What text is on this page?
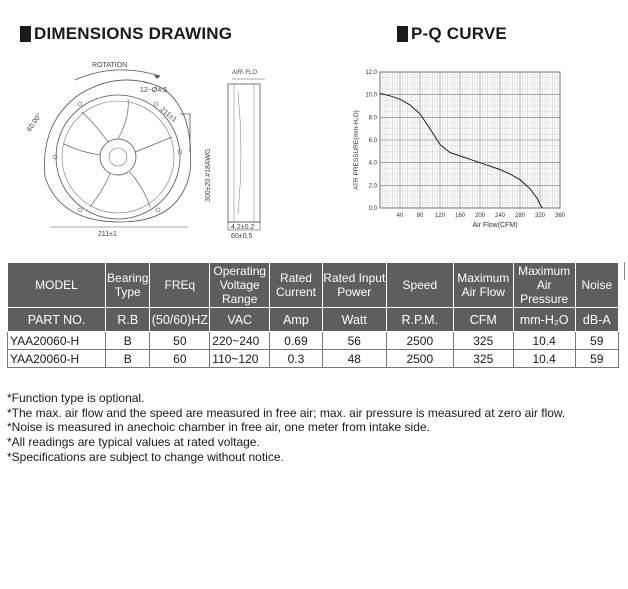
DIMENSIONS DRAWING	P-Q CURVE
ROTATION
12−Ø4.5
211±1
60.00°
211±1
AIR\ FLO
300±20 #18AWG
4.2±0.2
60±0.5
0.0
2.0
4.0
6.0
8.0
10.0
12.0
40 80 120 160 200 240 280 320 360
Air Flow(CFM)
ATR PRESSURE(mm-H₂O)
MODEL	Bearing Type	FREq	Operating Voltage Range	Rated Current	Rated Input Power	Speed	Maximum Air Flow	Maximum Air Pressure	Noise
PART NO.	R.B	(50/60)HZ	VAC	Amp	Watt	R.P.M.	CFM	mm-H₂O	dB-A
YAA20060-H	B	50	220~240	0.69	56	2500	325	10.4	59
YAA20060-H	B	60	110~120	0.3	48	2500	325	10.4	59
*Function type is optional.
*The max. air flow and the speed are measured in free air; max. air pressure is measured at zero air flow.
*Noise is measured in anechoic chamber in free air, one meter from intake side.
*All readings are typical values at rated voltage.
*Specifications are subject to change without notice.
